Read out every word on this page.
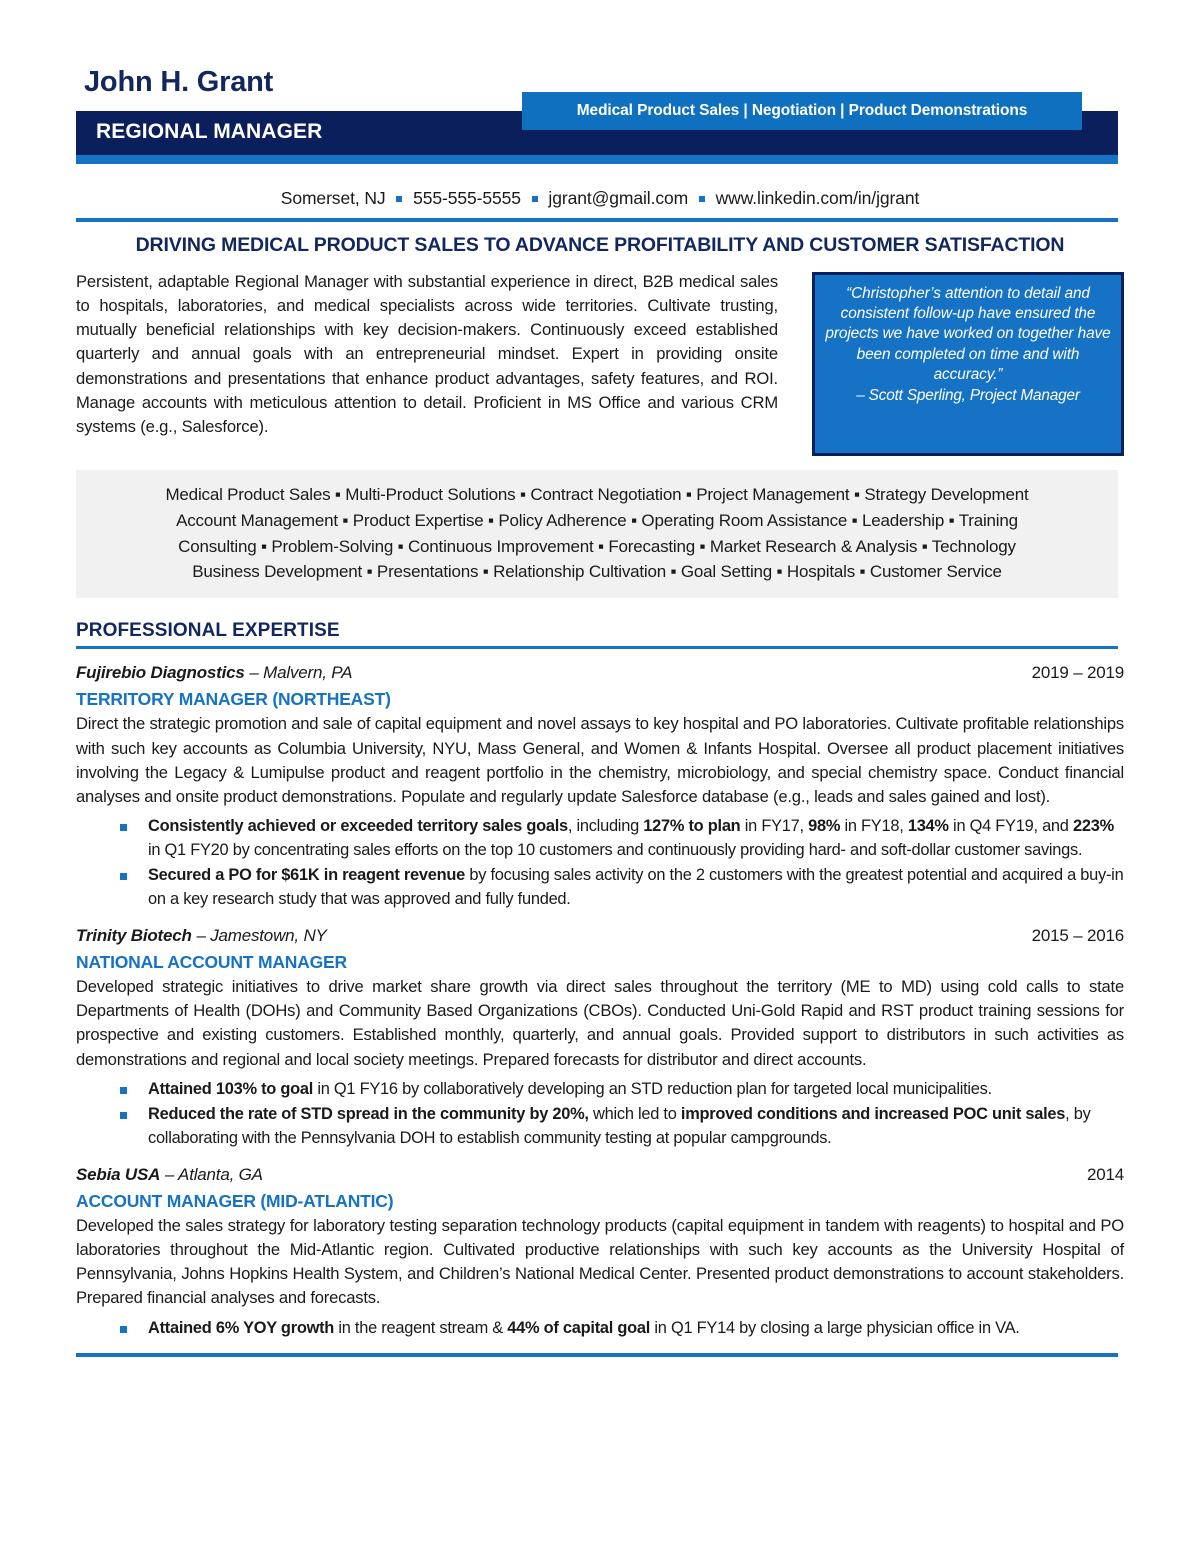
John H. Grant
REGIONAL MANAGER
Medical Product Sales | Negotiation | Product Demonstrations
Somerset, NJ 555-555-5555 jgrant@gmail.com www.linkedin.com/in/jgrant
DRIVING MEDICAL PRODUCT SALES TO ADVANCE PROFITABILITY AND CUSTOMER SATISFACTION
Persistent, adaptable Regional Manager with substantial experience in direct, B2B medical sales to hospitals, laboratories, and medical specialists across wide territories. Cultivate trusting, mutually beneficial relationships with key decision-makers. Continuously exceed established quarterly and annual goals with an entrepreneurial mindset. Expert in providing onsite demonstrations and presentations that enhance product advantages, safety features, and ROI. Manage accounts with meticulous attention to detail. Proficient in MS Office and various CRM systems (e.g., Salesforce).
“Christopher’s attention to detail and consistent follow-up have ensured the projects we have worked on together have been completed on time and with accuracy.”
– Scott Sperling, Project Manager
Medical Product Sales ▪ Multi-Product Solutions ▪ Contract Negotiation ▪ Project Management ▪ Strategy Development
Account Management ▪ Product Expertise ▪ Policy Adherence ▪ Operating Room Assistance ▪ Leadership ▪ Training
Consulting ▪ Problem-Solving ▪ Continuous Improvement ▪ Forecasting ▪ Market Research & Analysis ▪ Technology
Business Development ▪ Presentations ▪ Relationship Cultivation ▪ Goal Setting ▪ Hospitals ▪ Customer Service
PROFESSIONAL EXPERTISE
Fujirebio Diagnostics – Malvern, PA	2019 – 2019
TERRITORY MANAGER (NORTHEAST)
Direct the strategic promotion and sale of capital equipment and novel assays to key hospital and PO laboratories. Cultivate profitable relationships with such key accounts as Columbia University, NYU, Mass General, and Women & Infants Hospital. Oversee all product placement initiatives involving the Legacy & Lumipulse product and reagent portfolio in the chemistry, microbiology, and special chemistry space. Conduct financial analyses and onsite product demonstrations. Populate and regularly update Salesforce database (e.g., leads and sales gained and lost).
Consistently achieved or exceeded territory sales goals, including 127% to plan in FY17, 98% in FY18, 134% in Q4 FY19, and 223% in Q1 FY20 by concentrating sales efforts on the top 10 customers and continuously providing hard- and soft-dollar customer savings.
Secured a PO for $61K in reagent revenue by focusing sales activity on the 2 customers with the greatest potential and acquired a buy-in on a key research study that was approved and fully funded.
Trinity Biotech – Jamestown, NY	2015 – 2016
NATIONAL ACCOUNT MANAGER
Developed strategic initiatives to drive market share growth via direct sales throughout the territory (ME to MD) using cold calls to state Departments of Health (DOHs) and Community Based Organizations (CBOs). Conducted Uni-Gold Rapid and RST product training sessions for prospective and existing customers. Established monthly, quarterly, and annual goals. Provided support to distributors in such activities as demonstrations and regional and local society meetings. Prepared forecasts for distributor and direct accounts.
Attained 103% to goal in Q1 FY16 by collaboratively developing an STD reduction plan for targeted local municipalities.
Reduced the rate of STD spread in the community by 20%, which led to improved conditions and increased POC unit sales, by collaborating with the Pennsylvania DOH to establish community testing at popular campgrounds.
Sebia USA – Atlanta, GA	2014
ACCOUNT MANAGER (MID-ATLANTIC)
Developed the sales strategy for laboratory testing separation technology products (capital equipment in tandem with reagents) to hospital and PO laboratories throughout the Mid-Atlantic region. Cultivated productive relationships with such key accounts as the University Hospital of Pennsylvania, Johns Hopkins Health System, and Children’s National Medical Center. Presented product demonstrations to account stakeholders. Prepared financial analyses and forecasts.
Attained 6% YOY growth in the reagent stream & 44% of capital goal in Q1 FY14 by closing a large physician office in VA.
